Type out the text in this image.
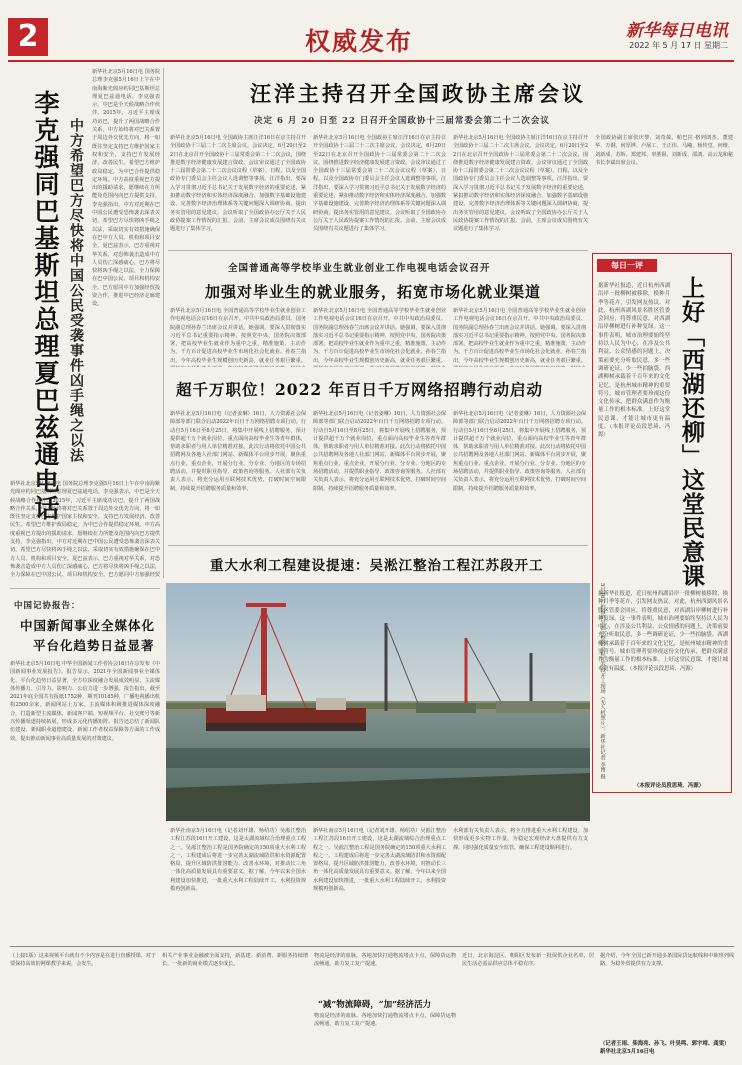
2	权威发布	新华每日电讯
2022 年 5 月 17 日 星期二
李克强同巴基斯坦总理夏巴兹通电话 中方希望巴方尽快将中国公民受袭事件凶手绳之以法
新华社北京5月16日电 国务院总理李克强5月16日上午在中南海紫光阁应约同巴基斯坦总理夏巴兹通电话。李克强表示，中巴是全天候战略合作伙伴。2015年，习近平主席成功访巴，提升了两国战略合作关系，中方始终将对巴关系置于周边外交优先方向，将一如既往坚定支持巴方维护国家主权和安全，支持巴方发展经济、改善民生。希望巴方维护政局稳定，为中巴合作提供稳定环境。中方高度重视巴方提出的援助请求，愿继续在力所能及范围内向巴方提供支持。李克强指出，中方对近期在巴中国公民遭受恐怖袭击深表关切，希望巴方尽快将凶手绳之以法，采取切实有效措施确保在巴中方人员、机构和项目安全。夏巴兹表示，巴方重视对华关系，对恐怖袭击造成中方人员伤亡深感痛心，巴方将尽快将凶手绳之以法，全力保障在巴中国公民、项目和机构安全。巴方愿同中方加强经贸投资合作，推进中巴经济走廊建设。
新华社北京5月16日电 国务院总理李克强5月16日上午在中南海紫光阁应约同巴基斯坦总理夏巴兹通电话。李克强表示，中巴是全天候战略合作伙伴。2015年，习近平主席成功访巴，提升了两国战略合作关系，中方始终将对巴关系置于周边外交优先方向，将一如既往坚定支持巴方维护国家主权和安全，支持巴方发展经济、改善民生。希望巴方维护政局稳定，为中巴合作提供稳定环境。中方高度重视巴方提出的援助请求，愿继续在力所能及范围内向巴方提供支持。李克强指出，中方对近期在巴中国公民遭受恐怖袭击深表关切，希望巴方尽快将凶手绳之以法，采取切实有效措施确保在巴中方人员、机构和项目安全。夏巴兹表示，巴方重视对华关系，对恐怖袭击造成中方人员伤亡深感痛心，巴方将尽快将凶手绳之以法，全力保障在巴中国公民、项目和机构安全。巴方愿同中方加强经贸
中国记协报告：
中国新闻事业全媒体化
平台化趋势日益显著
新华社北京5月16日电 中华全国新闻工作者协会16日在京发布《中国新闻事业发展报告》。报告显示，2021年全国新闻事业全媒体化、平台化趋势日益显著，全方位深度融合发展成效明显，主流媒体传播力、引导力、影响力、公信力进一步增强。报告指出，截至2021年底全国共有报纸1752种、期刊10185种，广播电视播出机构2500余家，新闻网站上万家。主流媒体积极推进媒体深度融合，打造新型主流媒体，新闻客户端、短视频平台、社交账号等新兴传播渠道持续拓展，形成多元化传播矩阵。报告还总结了新闻队伍建设、新闻职业道德建设、新闻工作者权益保障等方面的工作成效，提出推动新闻事业高质量发展的对策建议。
汪洋主持召开全国政协主席会议
决定 6 月 20 日至 22 日召开全国政协十三届常委会第二十二次会议
新华社北京5月16日电 全国政协主席汪洋16日在京主持召开全国政协十三届二十二次主席会议。会议决定，6月20日至22日在北京召开全国政协十三届常委会第二十二次会议，围绕推进数字经济健康发展建言资政。会议审议通过了全国政协十三届常委会第二十二次会议议程（草案）、日程，以及全国政协专门委员会主任会议人选调整等事项。汪洋指出，要深入学习贯彻习近平总书记关于发展数字经济的重要论述，紧扣推动数字经济和实体经济深度融合、加强数字基础设施建设、完善数字经济治理体系等关键问题深入调研协商，提出务实管用的意见建议。会议听取了全国政协办公厅关于人民政协提案工作情况的汇报。会前，主席会议成员围绕有关议题进行了集体学习。
新华社北京5月16日电 全国政协主席汪洋16日在京主持召开全国政协十三届二十二次主席会议。会议决定，6月20日至22日在北京召开全国政协十三届常委会第二十二次会议，围绕推进数字经济健康发展建言资政。会议审议通过了全国政协十三届常委会第二十二次会议议程（草案）、日程，以及全国政协专门委员会主任会议人选调整等事项。汪洋指出，要深入学习贯彻习近平总书记关于发展数字经济的重要论述，紧扣推动数字经济和实体经济深度融合、加强数字基础设施建设、完善数字经济治理体系等关键问题深入调研协商，提出务实管用的意见建议。会议听取了全国政协办公厅关于人民政协提案工作情况的汇报。会前，主席会议成员围绕有关议题进行了集体学习。
新华社北京5月16日电 全国政协主席汪洋16日在京主持召开全国政协十三届二十二次主席会议。会议决定，6月20日至22日在北京召开全国政协十三届常委会第二十二次会议，围绕推进数字经济健康发展建言资政。会议审议通过了全国政协十三届常委会第二十二次会议议程（草案）、日程，以及全国政协专门委员会主任会议人选调整等事项。汪洋指出，要深入学习贯彻习近平总书记关于发展数字经济的重要论述，紧扣推动数字经济和实体经济深度融合、加强数字基础设施建设、完善数字经济治理体系等关键问题深入调研协商，提出务实管用的意见建议。会议听取了全国政协办公厅关于人民政协提案工作情况的汇报。会前，主席会议成员围绕有关议题进行了集体学习。
全国政协副主席张庆黎、刘奇葆、帕巴拉·格列朗杰、董建华、万钢、何厚铧、卢展工、王正伟、马飚、杨传堂、何维、刘新成、苏辉、郑建邦、辜胜阻、刘新成、邵鸿、高云龙和秘书长李斌出席会议。
全国普通高等学校毕业生就业创业工作电视电话会议召开
加强对毕业生的就业服务，拓宽市场化就业渠道
新华社北京5月16日电 全国普通高等学校毕业生就业创业工作电视电话会议16日在京召开。中共中央政治局委员、国务院副总理孙春兰出席会议并讲话。她强调，要深入贯彻落实习近平总书记重要指示精神，按照党中央、国务院决策部署，把高校毕业生就业作为重中之重，精准施策、主动作为，千方百计促进高校毕业生市场化社会化就业。孙春兰指出，今年高校毕业生规模创历史新高，就业任务艰巨繁重。
新华社北京5月16日电 全国普通高等学校毕业生就业创业工作电视电话会议16日在京召开。中共中央政治局委员、国务院副总理孙春兰出席会议并讲话。她强调，要深入贯彻落实习近平总书记重要指示精神，按照党中央、国务院决策部署，把高校毕业生就业作为重中之重，精准施策、主动作为，千方百计促进高校毕业生市场化社会化就业。孙春兰指出，今年高校毕业生规模创历史新高，就业任务艰巨繁重。
新华社北京5月16日电 全国普通高等学校毕业生就业创业工作电视电话会议16日在京召开。中共中央政治局委员、国务院副总理孙春兰出席会议并讲话。她强调，要深入贯彻落实习近平总书记重要指示精神，按照党中央、国务院决策部署，把高校毕业生就业作为重中之重，精准施策、主动作为，千方百计促进高校毕业生市场化社会化就业。孙春兰指出，今年高校毕业生规模创历史新高，就业任务艰巨繁重。
超千万职位！2022 年百日千万网络招聘行动启动
新华社北京5月16日电（记者姜琳）16日，人力资源社会保障部等部门联合启动2022年百日千万网络招聘专项行动。行动自5月16日至8月25日，将集中开展线上招聘服务，预计提供超千万个就业岗位，重点面向高校毕业生等青年群体，帮助求职者与用人单位精准对接。此次行动将依托中国公共招聘网及各地人社部门网站、新媒体平台同步开展，聚焦重点行业、重点企业，开展分行业、分专业、分地区的专场招聘活动，并提供职业指导、政策咨询等服务。人社部有关负责人表示，将充分运用互联网技术优势，打破时间空间限制，持续提升招聘服务质量和效率。
新华社北京5月16日电（记者姜琳）16日，人力资源社会保障部等部门联合启动2022年百日千万网络招聘专项行动。行动自5月16日至8月25日，将集中开展线上招聘服务，预计提供超千万个就业岗位，重点面向高校毕业生等青年群体，帮助求职者与用人单位精准对接。此次行动将依托中国公共招聘网及各地人社部门网站、新媒体平台同步开展，聚焦重点行业、重点企业，开展分行业、分专业、分地区的专场招聘活动，并提供职业指导、政策咨询等服务。人社部有关负责人表示，将充分运用互联网技术优势，打破时间空间限制，持续提升招聘服务质量和效率。
新华社北京5月16日电（记者姜琳）16日，人力资源社会保障部等部门联合启动2022年百日千万网络招聘专项行动。行动自5月16日至8月25日，将集中开展线上招聘服务，预计提供超千万个就业岗位，重点面向高校毕业生等青年群体，帮助求职者与用人单位精准对接。此次行动将依托中国公共招聘网及各地人社部门网站、新媒体平台同步开展，聚焦重点行业、重点企业，开展分行业、分专业、分地区的专场招聘活动，并提供职业指导、政策咨询等服务。人社部有关负责人表示，将充分运用互联网技术优势，打破时间空间限制，持续提升招聘服务质量和效率。
重大水利工程建设提速：吴淞江整治工程江苏段开工
5月16日拍摄的吴淞江整治工程江苏段开工现场（无人机照片）。新华社记者 李博 摄
新华社南京5月16日电（记者刘开雄、杨绍功）吴淞江整治工程江苏段16日开工建设，这是太湖流域综合治理重点工程之一。吴淞江整治工程是国务院确定的150项重大水利工程之一，工程建成后将进一步完善太湖流域防洪和水资源配置格局，提升区域防洪排涝能力，改善水环境，对推动长三角一体化高质量发展具有重要意义。据了解，今年以来全国水利建设加快推进，一批重大水利工程陆续开工，水利投资规模再创新高。
新华社南京5月16日电（记者刘开雄、杨绍功）吴淞江整治工程江苏段16日开工建设，这是太湖流域综合治理重点工程之一。吴淞江整治工程是国务院确定的150项重大水利工程之一，工程建成后将进一步完善太湖流域防洪和水资源配置格局，提升区域防洪排涝能力，改善水环境，对推动长三角一体化高质量发展具有重要意义。据了解，今年以来全国水利建设加快推进，一批重大水利工程陆续开工，水利投资规模再创新高。
水利部有关负责人表示，将全力推进重大水利工程建设，加快形成更多实物工作量，为稳定宏观经济大盘提供有力支撑。同时强化质量安全监管，确保工程建设顺利进行。
每日一评
上好「西湖还柳」这堂民意课
据新华社报道，近日杭州西湖沿岸一批柳树被移除，换种月季等花卉，引发网友热议。对此，杭州西湖风景名胜区管委会回应，将尊重民意，对西湖沿岸柳树进行补种复绿。这一事件表明，城市治理要始终坚持以人民为中心，在涉及公共利益、公众情感的问题上，决策前要充分听取民意，多一些调研论证，少一些拍脑袋。西湖柳树承载着千百年来的文化记忆，是杭州城市精神的重要符号。城市管理者要珍视这份文化传承，把群众满意作为衡量工作的根本标准。上好这堂民意课，才能让城市更有温度。（本报评论员段思琦、冯源）
据新华社报道，近日杭州西湖沿岸一批柳树被移除，换种月季等花卉，引发网友热议。对此，杭州西湖风景名胜区管委会回应，将尊重民意，对西湖沿岸柳树进行补种复绿。这一事件表明，城市治理要始终坚持以人民为中心，在涉及公共利益、公众情感的问题上，决策前要充分听取民意，多一些调研论证，少一些拍脑袋。西湖柳树承载着千百年来的文化记忆，是杭州城市精神的重要符号。城市管理者要珍视这份文化传承，把群众满意作为衡量工作的根本标准。上好这堂民意课，才能让城市更有温度。（本报评论员段思琦、冯源）
（本报评论员段思琦、冯源）
（上接1版）这来视频平台就有不少内容是在进行直播授课，对于要保持高效的网课教学来说，会发生。
相关产业事业金融被全面支持，新基建、新消费、新服务持续增长，一批新的商业模式逐步成长。
“减”物流障碍，“加”经济活力
物流是经济的血脉。各地加快打通物流堵点卡点，保障货运物流畅通，助力复工复产提速。
物流是经济的血脉。各地加快打通物流堵点卡点，保障货运物流畅通，助力复工复产提速。
近日，北京海淀区、朝阳区发布新一批保供企业名单，居民生活必需品供应总体平稳有序。
据介绍，今年全国已新开通多条国际货运航线和中欧班列线路，为稳外贸提供有力支撑。
（记者王雨、柴海亮、孙飞、叶昊鸣、郭宇靖、龚雯）新华社北京5月16日电
